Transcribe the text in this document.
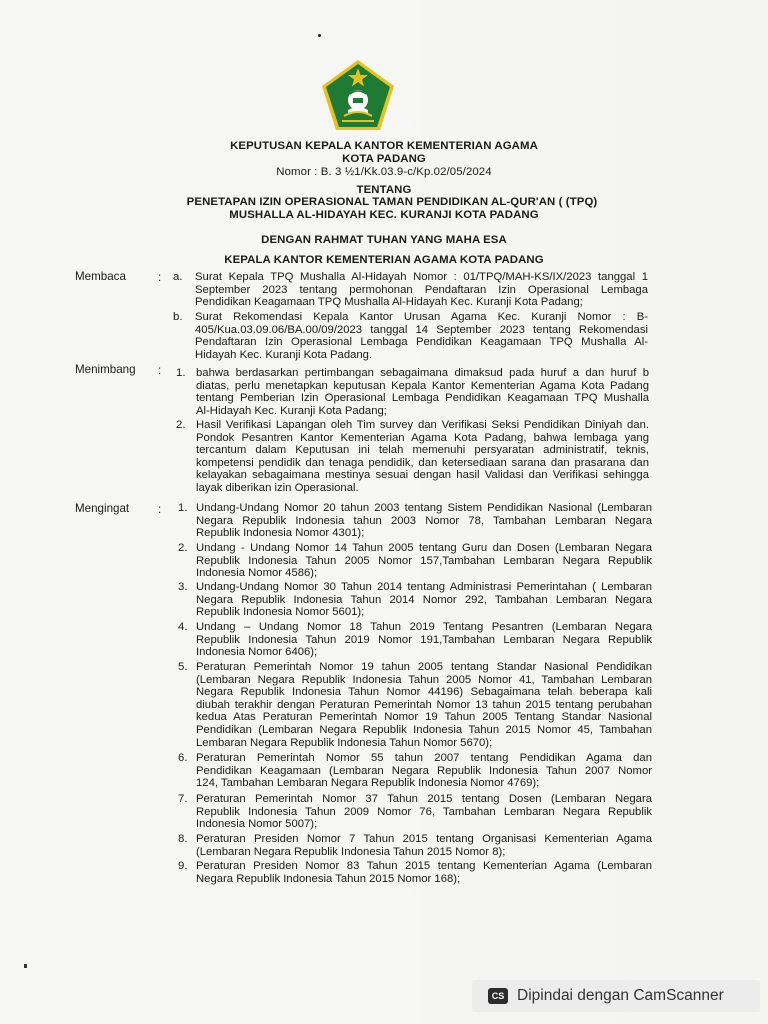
KEPUTUSAN KEPALA KANTOR KEMENTERIAN AGAMA
KOTA PADANG
Nomor : B. 3 ½1/Kk.03.9-c/Kp.02/05/2024
TENTANG
PENETAPAN IZIN OPERASIONAL TAMAN PENDIDIKAN AL-QUR'AN ( (TPQ)
MUSHALLA AL-HIDAYAH KEC. KURANJI KOTA PADANG
DENGAN RAHMAT TUHAN YANG MAHA ESA
KEPALA KANTOR KEMENTERIAN AGAMA KOTA PADANG
Membaca	: a. Surat Kepala TPQ Mushalla Al-Hidayah Nomor : 01/TPQ/MAH-KS/IX/2023 tanggal 1
September 2023 tentang permohonan Pendaftaran Izin Operasional Lembaga
Pendidikan Keagamaan TPQ Mushalla Al-Hidayah Kec. Kuranji Kota Padang;
b. Surat Rekomendasi Kepala Kantor Urusan Agama Kec. Kuranji Nomor : B-
405/Kua.03.09.06/BA.00/09/2023 tanggal 14 September 2023 tentang Rekomendasi
Pendaftaran Izin Operasional Lembaga Pendidikan Keagamaan TPQ Mushalla Al-
Hidayah Kec. Kuranji Kota Padang.
Menimbang : 1. bahwa berdasarkan pertimbangan sebagaimana dimaksud pada huruf a dan huruf b
diatas, perlu menetapkan keputusan Kepala Kantor Kementerian Agama Kota Padang
tentang Pemberian Izin Operasional Lembaga Pendidikan Keagamaan TPQ Mushalla
Al-Hidayah Kec. Kuranji Kota Padang;
2. Hasil Verifikasi Lapangan oleh Tim survey dan Verifikasi Seksi Pendidikan Diniyah dan.
Pondok Pesantren Kantor Kementerian Agama Kota Padang, bahwa lembaga yang
tercantum dalam Keputusan ini telah memenuhi persyaratan administratif, teknis,
kompetensi pendidik dan tenaga pendidik, dan ketersediaan sarana dan prasarana dan
kelayakan sebagaimana mestinya sesuai dengan hasil Validasi dan Verifikasi sehingga
layak diberikan izin Operasional.
Mengingat : 1. Undang-Undang Nomor 20 tahun 2003 tentang Sistem Pendidikan Nasional (Lembaran
Negara Republik Indonesia tahun 2003 Nomor 78, Tambahan Lembaran Negara
Republik Indonesia Nomor 4301);
2. Undang - Undang Nomor 14 Tahun 2005 tentang Guru dan Dosen (Lembaran Negara
Republik Indonesia Tahun 2005 Nomor 157,Tambahan Lembaran Negara Republik
Indonesia Nomor 4586);
3. Undang-Undang Nomor 30 Tahun 2014 tentang Administrasi Pemerintahan ( Lembaran
Negara Republik Indonesia Tahun 2014 Nomor 292, Tambahan Lembaran Negara
Republik Indonesia Nomor 5601);
4. Undang – Undang Nomor 18 Tahun 2019 Tentang Pesantren (Lembaran Negara
Republik Indonesia Tahun 2019 Nomor 191,Tambahan Lembaran Negara Republik
Indonesia Nomor 6406);
5. Peraturan Pemerintah Nomor 19 tahun 2005 tentang Standar Nasional Pendidikan
(Lembaran Negara Republik Indonesia Tahun 2005 Nomor 41, Tambahan Lembaran
Negara Republik Indonesia Tahun Nomor 44196) Sebagaimana telah beberapa kali
diubah terakhir dengan Peraturan Pemerintah Nomor 13 tahun 2015 tentang perubahan
kedua Atas Peraturan Pemerintah Nomor 19 Tahun 2005 Tentang Standar Nasional
Pendidikan (Lembaran Negara Republik Indonesia Tahun 2015 Nomor 45, Tambahan
Lembaran Negara Republik Indonesia Tahun Nomor 5670);
6. Peraturan Pemerintah Nomor 55 tahun 2007 tentang Pendidikan Agama dan
Pendidikan Keagamaan (Lembaran Negara Republik Indonesia Tahun 2007 Nomor
124, Tambahan Lembaran Negara Republik Indonesia Nomor 4769);
7. Peraturan Pemerintah Nomor 37 Tahun 2015 tentang Dosen (Lembaran Negara
Republik Indonesia Tahun 2009 Nomor 76, Tambahan Lembaran Negara Republik
Indonesia Nomor 5007);
8. Peraturan Presiden Nomor 7 Tahun 2015 tentang Organisasi Kementerian Agama
(Lembaran Negara Republik Indonesia Tahun 2015 Nomor 8);
9. Peraturan Presiden Nomor 83 Tahun 2015 tentang Kementerian Agama (Lembaran
Negara Republik Indonesia Tahun 2015 Nomor 168);
CS Dipindai dengan CamScanner
